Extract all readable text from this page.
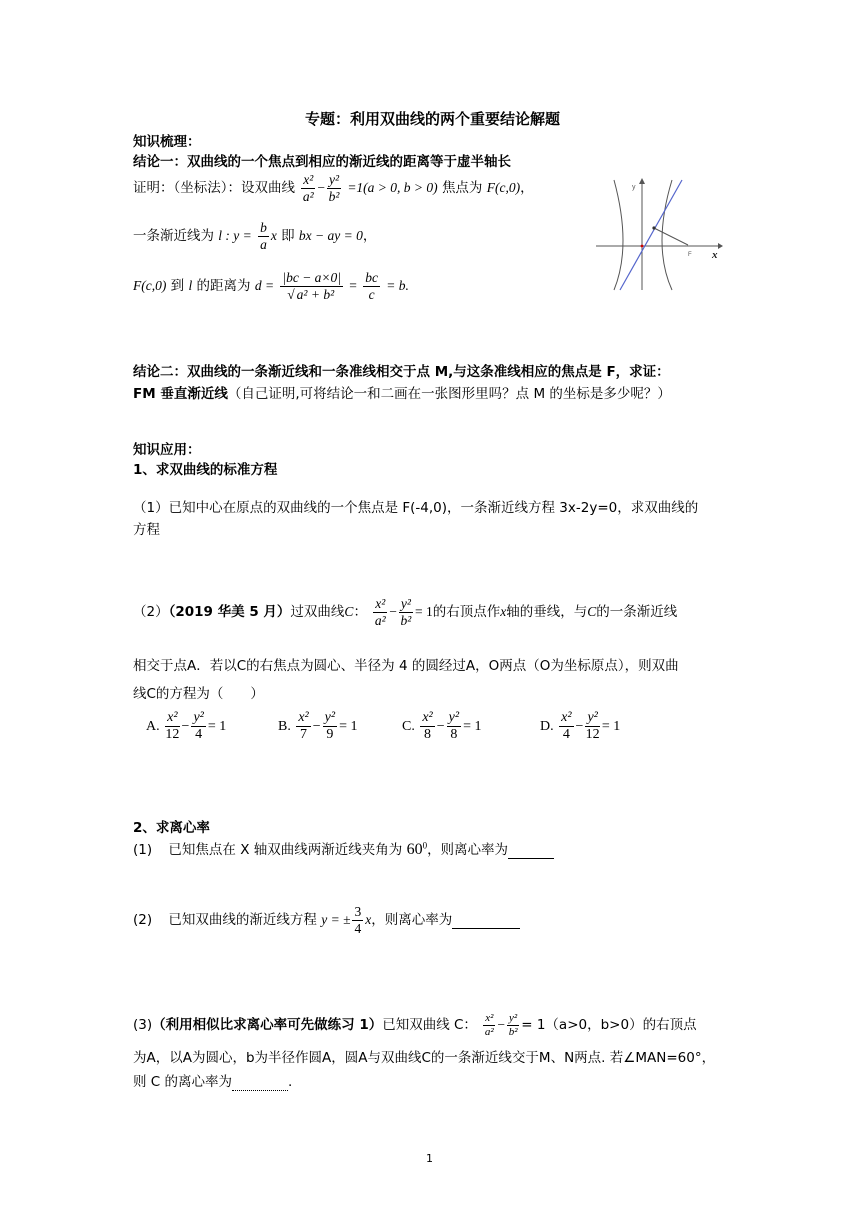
专题：利用双曲线的两个重要结论解题
知识梳理：
结论一：双曲线的一个焦点到相应的渐近线的距离等于虚半轴长
证明：（坐标法）：设双曲线 $\frac{\text{x²}}{\text{a²}} - \frac{\text{y²}}{\text{b²}} =1(a > 0$, b > 0) 焦点为 F(c,0)，
一条渐近线为 l : $y = \frac{b}{a}$ x 即 bx − ay = 0，
F(c,0) 到 l 的距离为 $d = \frac{|bc - a\times 0|}{\text{√ a² + b²}} = \frac{bc}{c} = b$.
y
F x
结论二：双曲线的一条渐近线和一条准线相交于点 M,与这条准线相应的焦点是 F，求证：
FM 垂直渐近线（自己证明,可将结论一和二画在一张图形里吗？点 M 的坐标是多少呢？）
知识应用：
1、求双曲线的标准方程
（1）已知中心在原点的双曲线的一个焦点是 F(-4,0)，一条渐近线方程 3x-2y=0，求双曲线的
方程
（2）（2019 华美 5 月）过双曲线C： $\frac{\text{x²}}{\text{a²}} - \frac{\text{y²}}{\text{b²}} = 1$的右顶点作x轴的垂线，与C的一条渐近线
相交于点A．若以C的右焦点为圆心、半径为 4 的圆经过A，O两点（O为坐标原点），则双曲
线C的方程为（　　）
A. $\frac{\text{x²}}{12} - \frac{\text{y²}}{4} = 1$	B. $\frac{\text{x²}}{7} - \frac{\text{y²}}{9} = 1$	C. $\frac{\text{x²}}{8} - \frac{\text{y²}}{8} = 1$	D. $\frac{\text{x²}}{4} - \frac{\text{y²}}{12} = 1$
2、求离心率
(1) 已知焦点在 X 轴双曲线两渐近线夹角为 $60^0$，则离心率为
(2) 已知双曲线的渐近线方程 y = ± $\frac{3}{4}$ x，则离心率为
(3)（利用相似比求离心率可先做练习 1）已知双曲线 C： $\frac{\text{x²}}{\text{a²}} - \frac{\text{y²}}{\text{b²}} = 1(a>0$，b>0）的右顶点
为A，以A为圆心，b为半径作圆A，圆A与双曲线C的一条渐近线交于M、N两点. 若∠MAN=60°，
则 C 的离心率为	.
1
